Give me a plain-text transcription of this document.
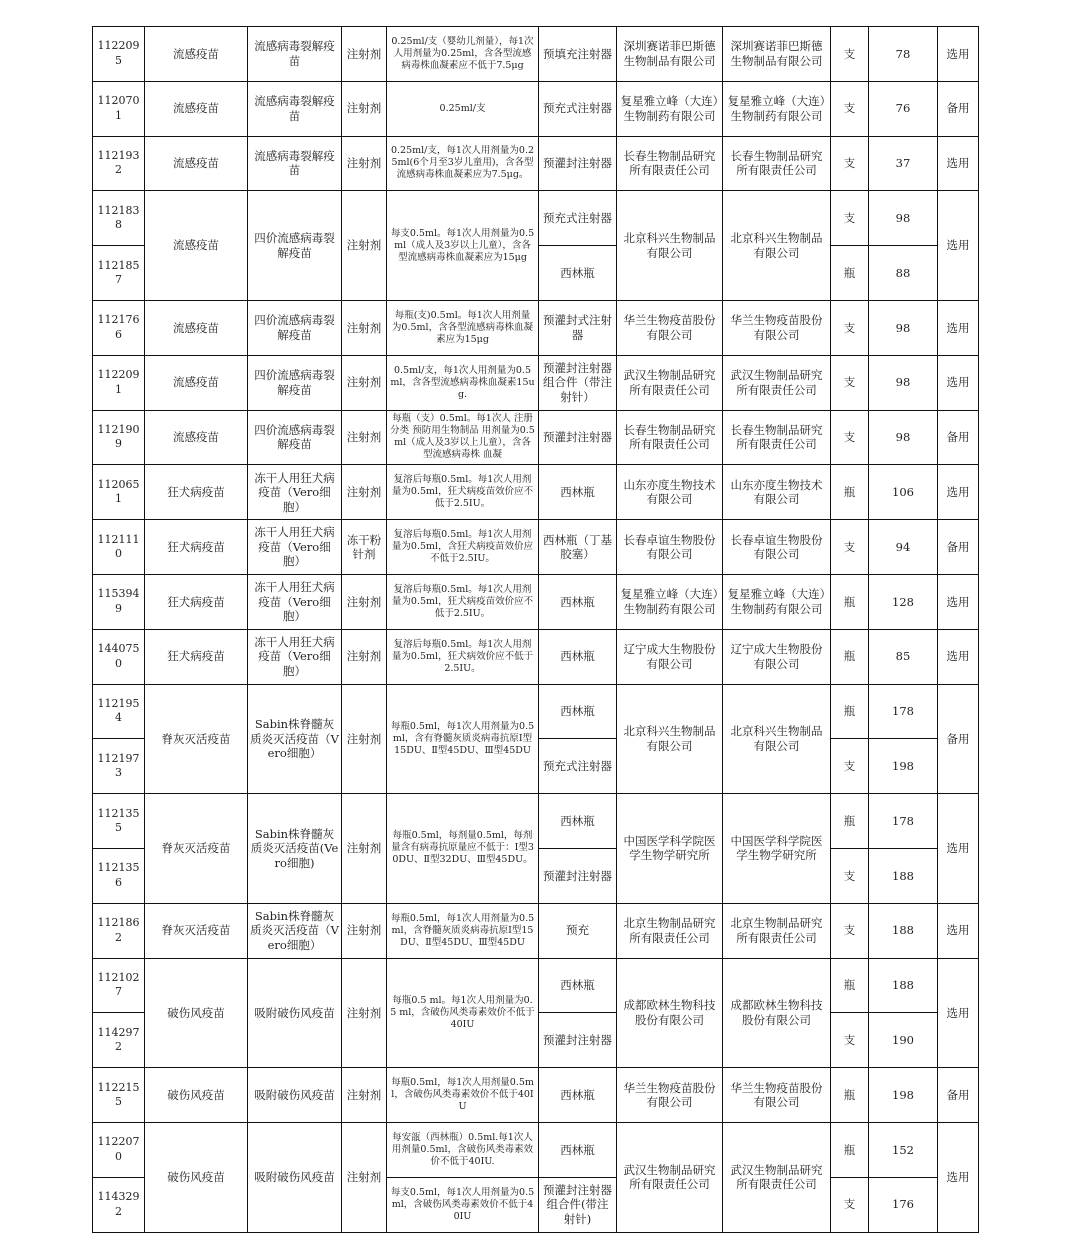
1122095	流感疫苗	流感病毒裂解疫苗	注射剂	0.25ml/支（婴幼儿剂量），每1次人用剂量为0.25ml，含各型流感病毒株血凝素应不低于7.5μg	预填充注射器	深圳赛诺菲巴斯德生物制品有限公司	深圳赛诺菲巴斯德生物制品有限公司	支	78	选用
1120701	流感疫苗	流感病毒裂解疫苗	注射剂	0.25ml/支	预充式注射器	复星雅立峰（大连）生物制药有限公司	复星雅立峰（大连）生物制药有限公司	支	76	备用
1121932	流感疫苗	流感病毒裂解疫苗	注射剂	0.25ml/支，每1次人用剂量为0.25ml(6个月至3岁儿童用)，含各型流感病毒株血凝素应为7.5μg。	预灌封注射器	长春生物制品研究所有限责任公司	长春生物制品研究所有限责任公司	支	37	选用
1121838	流感疫苗	四价流感病毒裂解疫苗	注射剂	每支0.5ml。每1次人用剂量为0.5ml（成人及3岁以上儿童），含各型流感病毒株血凝素应为15μg	预充式注射器	北京科兴生物制品有限公司	北京科兴生物制品有限公司	支	98	选用
1121857					西林瓶			瓶	88	
1121766	流感疫苗	四价流感病毒裂解疫苗	注射剂	每瓶(支)0.5ml。每1次人用剂量为0.5ml，含各型流感病毒株血凝素应为15μg	预灌封式注射器	华兰生物疫苗股份有限公司	华兰生物疫苗股份有限公司	支	98	选用
1122091	流感疫苗	四价流感病毒裂解疫苗	注射剂	0.5ml/支，每1次人用剂量为0.5ml，含各型流感病毒株血凝素15ug.	预灌封注射器组合件（带注射针）	武汉生物制品研究所有限责任公司	武汉生物制品研究所有限责任公司	支	98	选用
1121909	流感疫苗	四价流感病毒裂解疫苗	注射剂	每瓶（支）0.5ml。每1次人 注册分类 预防用生物制品 用剂量为0.5ml（成人及3岁以上儿童），含各型流感病毒株 血凝	预灌封注射器	长春生物制品研究所有限责任公司	长春生物制品研究所有限责任公司	支	98	备用
1120651	狂犬病疫苗	冻干人用狂犬病疫苗（Vero细胞）	注射剂	复溶后每瓶0.5ml。每1次人用剂量为0.5ml，狂犬病疫苗效价应不低于2.5IU。	西林瓶	山东亦度生物技术有限公司	山东亦度生物技术有限公司	瓶	106	选用
1121110	狂犬病疫苗	冻干人用狂犬病疫苗（Vero细胞）	冻干粉针剂	复溶后每瓶0.5ml。每1次人用剂量为0.5ml，含狂犬病疫苗效价应不低于2.5IU。	西林瓶（丁基胶塞）	长春卓谊生物股份有限公司	长春卓谊生物股份有限公司	支	94	备用
1153949	狂犬病疫苗	冻干人用狂犬病疫苗（Vero细胞）	注射剂	复溶后每瓶0.5ml。每1次人用剂量为0.5ml，狂犬病疫苗效价应不低于2.5IU。	西林瓶	复星雅立峰（大连）生物制药有限公司	复星雅立峰（大连）生物制药有限公司	瓶	128	选用
1440750	狂犬病疫苗	冻干人用狂犬病疫苗（Vero细胞）	注射剂	复溶后每瓶0.5ml。每1次人用剂量为0.5ml，狂犬病效价应不低于2.5IU。	西林瓶	辽宁成大生物股份有限公司	辽宁成大生物股份有限公司	瓶	85	选用
1121954	脊灰灭活疫苗	Sabin株脊髓灰质炎灭活疫苗（Vero细胞）	注射剂	每瓶0.5ml，每1次人用剂量为0.5ml，含有脊髓灰质炎病毒抗原Ⅰ型15DU、Ⅱ型45DU、Ⅲ型45DU	西林瓶	北京科兴生物制品有限公司	北京科兴生物制品有限公司	瓶	178	备用
1121973					预充式注射器			支	198	
1121355	脊灰灭活疫苗	Sabin株脊髓灰质炎灭活疫苗(Vero细胞)	注射剂	每瓶0.5ml，每剂量0.5ml，每剂量含有病毒抗原量应不低于：Ⅰ型30DU、Ⅱ型32DU、Ⅲ型45DU。	西林瓶	中国医学科学院医学生物学研究所	中国医学科学院医学生物学研究所	瓶	178	选用
1121356					预灌封注射器			支	188	
1121862	脊灰灭活疫苗	Sabin株脊髓灰质炎灭活疫苗（Vero细胞）	注射剂	每瓶0.5ml，每1次人用剂量为0.5ml，含脊髓灰质炎病毒抗原Ⅰ型15DU、Ⅱ型45DU、Ⅲ型45DU	预充	北京生物制品研究所有限责任公司	北京生物制品研究所有限责任公司	支	188	选用
1121027	破伤风疫苗	吸附破伤风疫苗	注射剂	每瓶0.5 ml。每1次人用剂量为0.5 ml，含破伤风类毒素效价不低于40IU	西林瓶	成都欧林生物科技股份有限公司	成都欧林生物科技股份有限公司	瓶	188	选用
1142972					预灌封注射器			支	190	
1122155	破伤风疫苗	吸附破伤风疫苗	注射剂	每瓶0.5ml，每1次人用剂量0.5ml，含破伤风类毒素效价不低于40IU	西林瓶	华兰生物疫苗股份有限公司	华兰生物疫苗股份有限公司	瓶	198	备用
1122070	破伤风疫苗	吸附破伤风疫苗	注射剂	每安瓿（西林瓶）0.5ml.每1次人用剂量0.5ml，含破伤风类毒素效价不低于40IU.	西林瓶	武汉生物制品研究所有限责任公司	武汉生物制品研究所有限责任公司	瓶	152	选用
1143292				每支0.5ml，每1次人用剂量为0.5ml，含破伤风类毒素效价不低于40IU	预灌封注射器组合件(带注射针)			支	176	
